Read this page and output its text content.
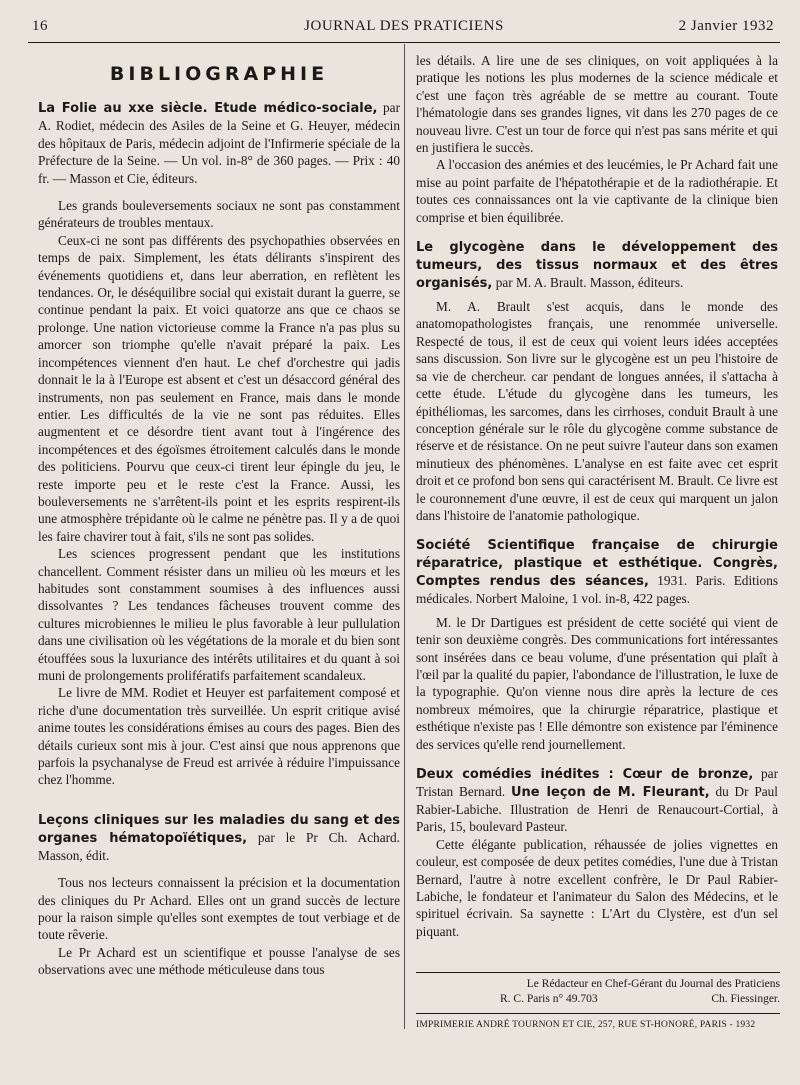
16	JOURNAL DES PRATICIENS	2 Janvier 1932
BIBLIOGRAPHIE

La Folie au xxe siècle. Etude médico-sociale, par A. Rodiet, médecin des Asiles de la Seine et G. Heuyer, médecin des hôpitaux de Paris, médecin adjoint de l'Infirmerie spéciale de la Préfecture de la Seine. — Un vol. in-8° de 360 pages. — Prix : 40 fr. — Masson et Cie, éditeurs.

Les grands bouleversements sociaux ne sont pas constamment générateurs de troubles mentaux.

Ceux-ci ne sont pas différents des psychopathies observées en temps de paix. Simplement, les états délirants s'inspirent des événements quotidiens et, dans leur aberration, en reflètent les tendances. Or, le déséquilibre social qui existait durant la guerre, se continue pendant la paix. Et voici quatorze ans que ce chaos se prolonge. Une nation victorieuse comme la France n'a pas plus su amorcer son triomphe qu'elle n'avait préparé la paix. Les incompétences viennent d'en haut. Le chef d'orchestre qui jadis donnait le la à l'Europe est absent et c'est un désaccord général des instruments, non pas seulement en France, mais dans le monde entier. Les difficultés de la vie ne sont pas réduites. Elles augmentent et ce désordre tient avant tout à l'ingérence des incompétences et des égoïsmes étroitement calculés dans le monde des politiciens. Pourvu que ceux-ci tirent leur épingle du jeu, le reste importe peu et le reste c'est la France. Aussi, les bouleversements ne s'arrêtent-ils point et les esprits respirent-ils une atmosphère trépidante où le calme ne pénètre pas. Il y a de quoi les faire chavirer tout à fait, s'ils ne sont pas solides.

Les sciences progressent pendant que les institutions chancellent. Comment résister dans un milieu où les mœurs et les habitudes sont constamment soumises à des influences aussi dissolvantes ? Les tendances fâcheuses trouvent comme des cultures microbiennes le milieu le plus favorable à leur pullulation dans une civilisation où les végétations de la morale et du bien sont étouffées sous la luxuriance des intérêts utilitaires et du quant à soi muni de prolongements prolifératifs parfaitement scandaleux.

Le livre de MM. Rodiet et Heuyer est parfaitement composé et riche d'une documentation très surveillée. Un esprit critique avisé anime toutes les considérations émises au cours des pages. Bien des détails curieux sont mis à jour. C'est ainsi que nous apprenons que parfois la psychanalyse de Freud est arrivée à réduire l'impuissance chez l'homme.

Leçons cliniques sur les maladies du sang et des organes hématopoïétiques, par le Pr Ch. Achard. Masson, édit.

Tous nos lecteurs connaissent la précision et la documentation des cliniques du Pr Achard. Elles ont un grand succès de lecture pour la raison simple qu'elles sont exemptes de tout verbiage et de toute rêverie.

Le Pr Achard est un scientifique et pousse l'analyse de ses observations avec une méthode méticuleuse dans tous

les détails. A lire une de ses cliniques, on voit appliquées à la pratique les notions les plus modernes de la science médicale et c'est une façon très agréable de se mettre au courant. Toute l'hématologie dans ses grandes lignes, vit dans les 270 pages de ce nouveau livre. C'est un tour de force qui n'est pas sans mérite et qui en justifiera le succès.

A l'occasion des anémies et des leucémies, le Pr Achard fait une mise au point parfaite de l'hépatothérapie et de la radiothérapie. Et toutes ces connaissances ont la vie captivante de la clinique bien comprise et bien équilibrée.

Le glycogène dans le développement des tumeurs, des tissus normaux et des êtres organisés, par M. A. Brault. Masson, éditeurs.

M. A. Brault s'est acquis, dans le monde des anatomopathologistes français, une renommée universelle. Respecté de tous, il est de ceux qui voient leurs idées acceptées sans discussion. Son livre sur le glycogène est un peu l'histoire de sa vie de chercheur. car pendant de longues années, il s'attacha à cette étude. L'étude du glycogène dans les tumeurs, les épithéliomas, les sarcomes, dans les cirrhoses, conduit Brault à une conception générale sur le rôle du glycogène comme substance de réserve et de résistance. On ne peut suivre l'auteur dans son examen minutieux des phénomènes. L'analyse en est faite avec cet esprit droit et ce profond bon sens qui caractérisent M. Brault. Ce livre est le couronnement d'une œuvre, il est de ceux qui marquent un jalon dans l'histoire de l'anatomie pathologique.

Société Scientifique française de chirurgie réparatrice, plastique et esthétique. Congrès, Comptes rendus des séances, 1931. Paris. Editions médicales. Norbert Maloine, 1 vol. in-8, 422 pages.

M. le Dr Dartigues est président de cette société qui vient de tenir son deuxième congrès. Des communications fort intéressantes sont insérées dans ce beau volume, d'une présentation qui plaît à l'œil par la qualité du papier, l'abondance de l'illustration, le luxe de la typographie. Qu'on vienne nous dire après la lecture de ces nombreux mémoires, que la chirurgie réparatrice, plastique et esthétique n'existe pas ! Elle démontre son existence par l'éminence des services qu'elle rend journellement.

Deux comédies inédites : Cœur de bronze, par Tristan Bernard. Une leçon de M. Fleurant, du Dr Paul Rabier-Labiche. Illustration de Henri de Renaucourt-Cortial, à Paris, 15, boulevard Pasteur.

Cette élégante publication, réhaussée de jolies vignettes en couleur, est composée de deux petites comédies, l'une due à Tristan Bernard, l'autre à notre excellent confrère, le Dr Paul Rabier-Labiche, le fondateur et l'animateur du Salon des Médecins, et le spirituel écrivain. Sa saynette : L'Art du Clystère, est d'un sel piquant.

Le Rédacteur en Chef-Gérant du Journal des Praticiens
R. C. Paris n° 49.703	Ch. Fiessinger.
IMPRIMERIE ANDRÉ TOURNON ET CIE, 257, RUE ST-HONORÉ, PARIS - 1932
